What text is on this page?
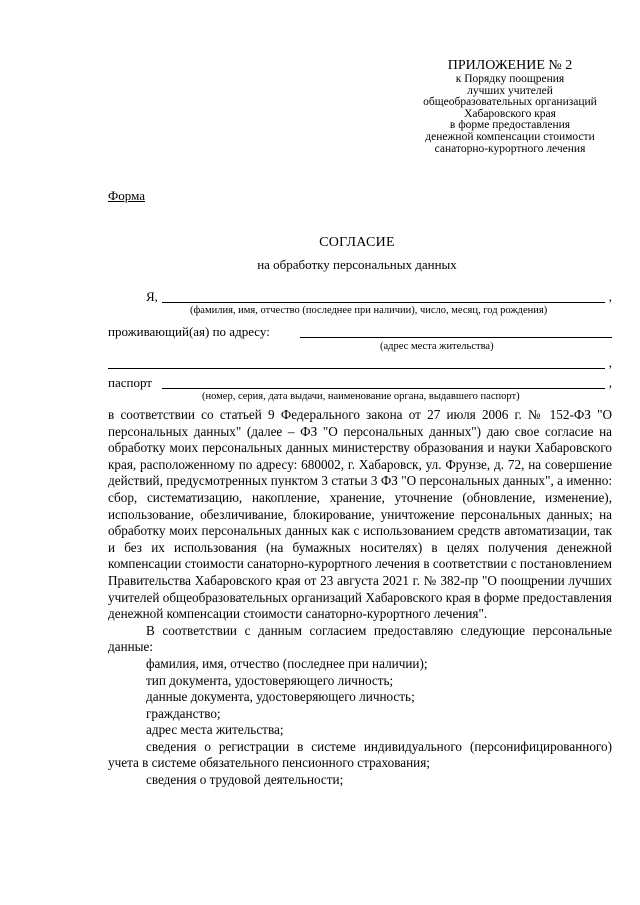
ПРИЛОЖЕНИЕ № 2
к Порядку поощрения
лучших учителей
общеобразовательных организаций
Хабаровского края
в форме предоставления
денежной компенсации стоимости
санаторно-курортного лечения
Форма
СОГЛАСИЕ
на обработку персональных данных
Я,	,
(фамилия, имя, отчество (последнее при наличии), число, месяц, год рождения)
проживающий(ая) по адресу:
(адрес места жительства)
,
паспорт	,
(номер, серия, дата выдачи, наименование органа, выдавшего паспорт)

в соответствии со статьей 9 Федерального закона от 27 июля 2006 г. № 152-ФЗ "О персональных данных" (далее – ФЗ "О персональных данных") даю свое согласие на обработку моих персональных данных министерству образования и науки Хабаровского края, расположенному по адресу: 680002, г. Хабаровск, ул. Фрунзе, д. 72, на совершение действий, предусмотренных пунктом 3 статьи 3 ФЗ "О персональных данных", а именно: сбор, систематизацию, накопление, хранение, уточнение (обновление, изменение), использование, обезличивание, блокирование, уничтожение персональных данных; на обработку моих персональных данных как с использованием средств автоматизации, так и без их использования (на бумажных носителях) в целях получения денежной компенсации стоимости санаторно-курортного лечения в соответствии с постановлением Правительства Хабаровского края от 23 августа 2021 г. № 382-пр "О поощрении лучших учителей общеобразовательных организаций Хабаровского края в форме предоставления денежной компенсации стоимости санаторно-курортного лечения".

В соответствии с данным согласием предоставляю следующие персональные данные:

фамилия, имя, отчество (последнее при наличии);

тип документа, удостоверяющего личность;

данные документа, удостоверяющего личность;

гражданство;

адрес места жительства;

сведения о регистрации в системе индивидуального (персонифицированного) учета в системе обязательного пенсионного страхования;

сведения о трудовой деятельности;
